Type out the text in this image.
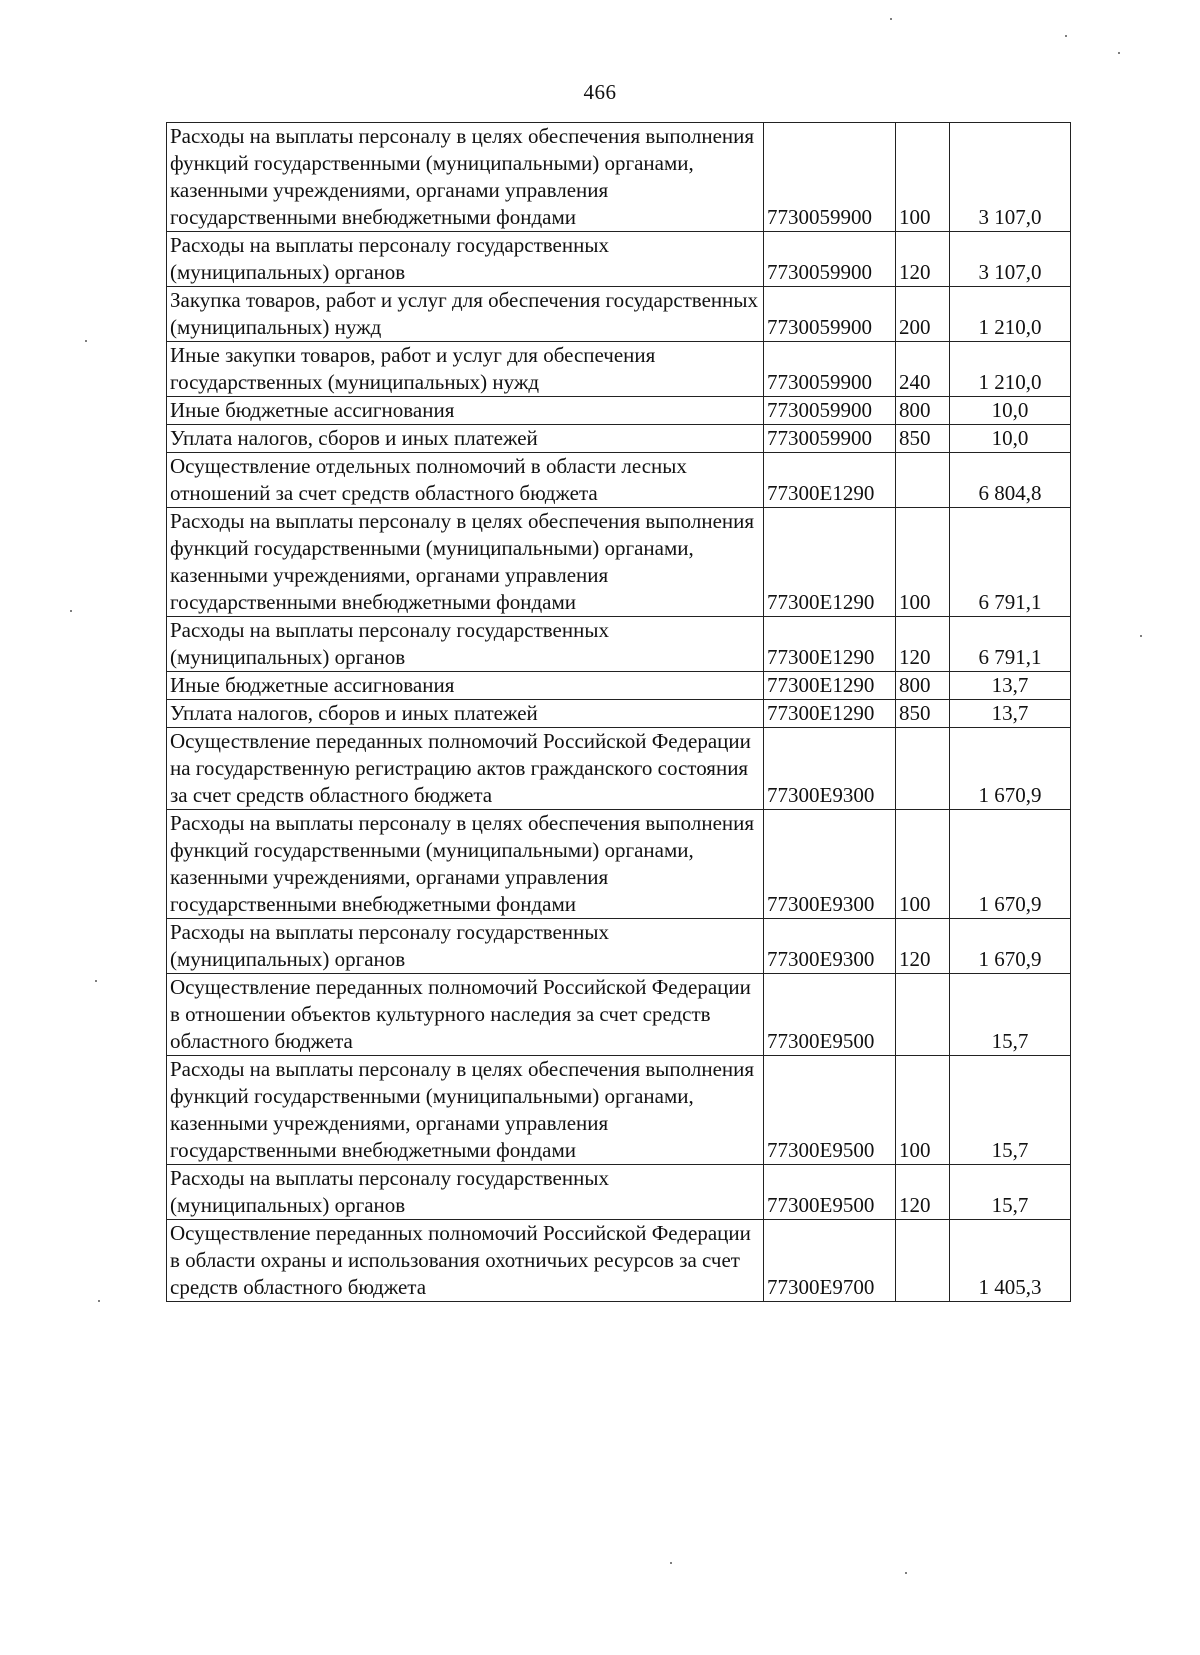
466
Расходы на выплаты персоналу в целях обеспечения выполнения функций государственными (муниципальными) органами, казенными учреждениями, органами управления государственными внебюджетными фондами	7730059900	100	3 107,0
Расходы на выплаты персоналу государственных (муниципальных) органов	7730059900	120	3 107,0
Закупка товаров, работ и услуг для обеспечения государственных (муниципальных) нужд	7730059900	200	1 210,0
Иные закупки товаров, работ и услуг для обеспечения государственных (муниципальных) нужд	7730059900	240	1 210,0
Иные бюджетные ассигнования	7730059900	800	10,0
Уплата налогов, сборов и иных платежей	7730059900	850	10,0
Осуществление отдельных полномочий в области лесных отношений за счет средств областного бюджета	77300Е1290		6 804,8
Расходы на выплаты персоналу в целях обеспечения выполнения функций государственными (муниципальными) органами, казенными учреждениями, органами управления государственными внебюджетными фондами	77300Е1290	100	6 791,1
Расходы на выплаты персоналу государственных (муниципальных) органов	77300Е1290	120	6 791,1
Иные бюджетные ассигнования	77300Е1290	800	13,7
Уплата налогов, сборов и иных платежей	77300Е1290	850	13,7
Осуществление переданных полномочий Российской Федерации на государственную регистрацию актов гражданского состояния за счет средств областного бюджета	77300Е9300		1 670,9
Расходы на выплаты персоналу в целях обеспечения выполнения функций государственными (муниципальными) органами, казенными учреждениями, органами управления государственными внебюджетными фондами	77300Е9300	100	1 670,9
Расходы на выплаты персоналу государственных (муниципальных) органов	77300Е9300	120	1 670,9
Осуществление переданных полномочий Российской Федерации в отношении объектов культурного наследия за счет средств областного бюджета	77300Е9500		15,7
Расходы на выплаты персоналу в целях обеспечения выполнения функций государственными (муниципальными) органами, казенными учреждениями, органами управления государственными внебюджетными фондами	77300Е9500	100	15,7
Расходы на выплаты персоналу государственных (муниципальных) органов	77300Е9500	120	15,7
Осуществление переданных полномочий Российской Федерации в области охраны и использования охотничьих ресурсов за счет средств областного бюджета	77300Е9700		1 405,3
